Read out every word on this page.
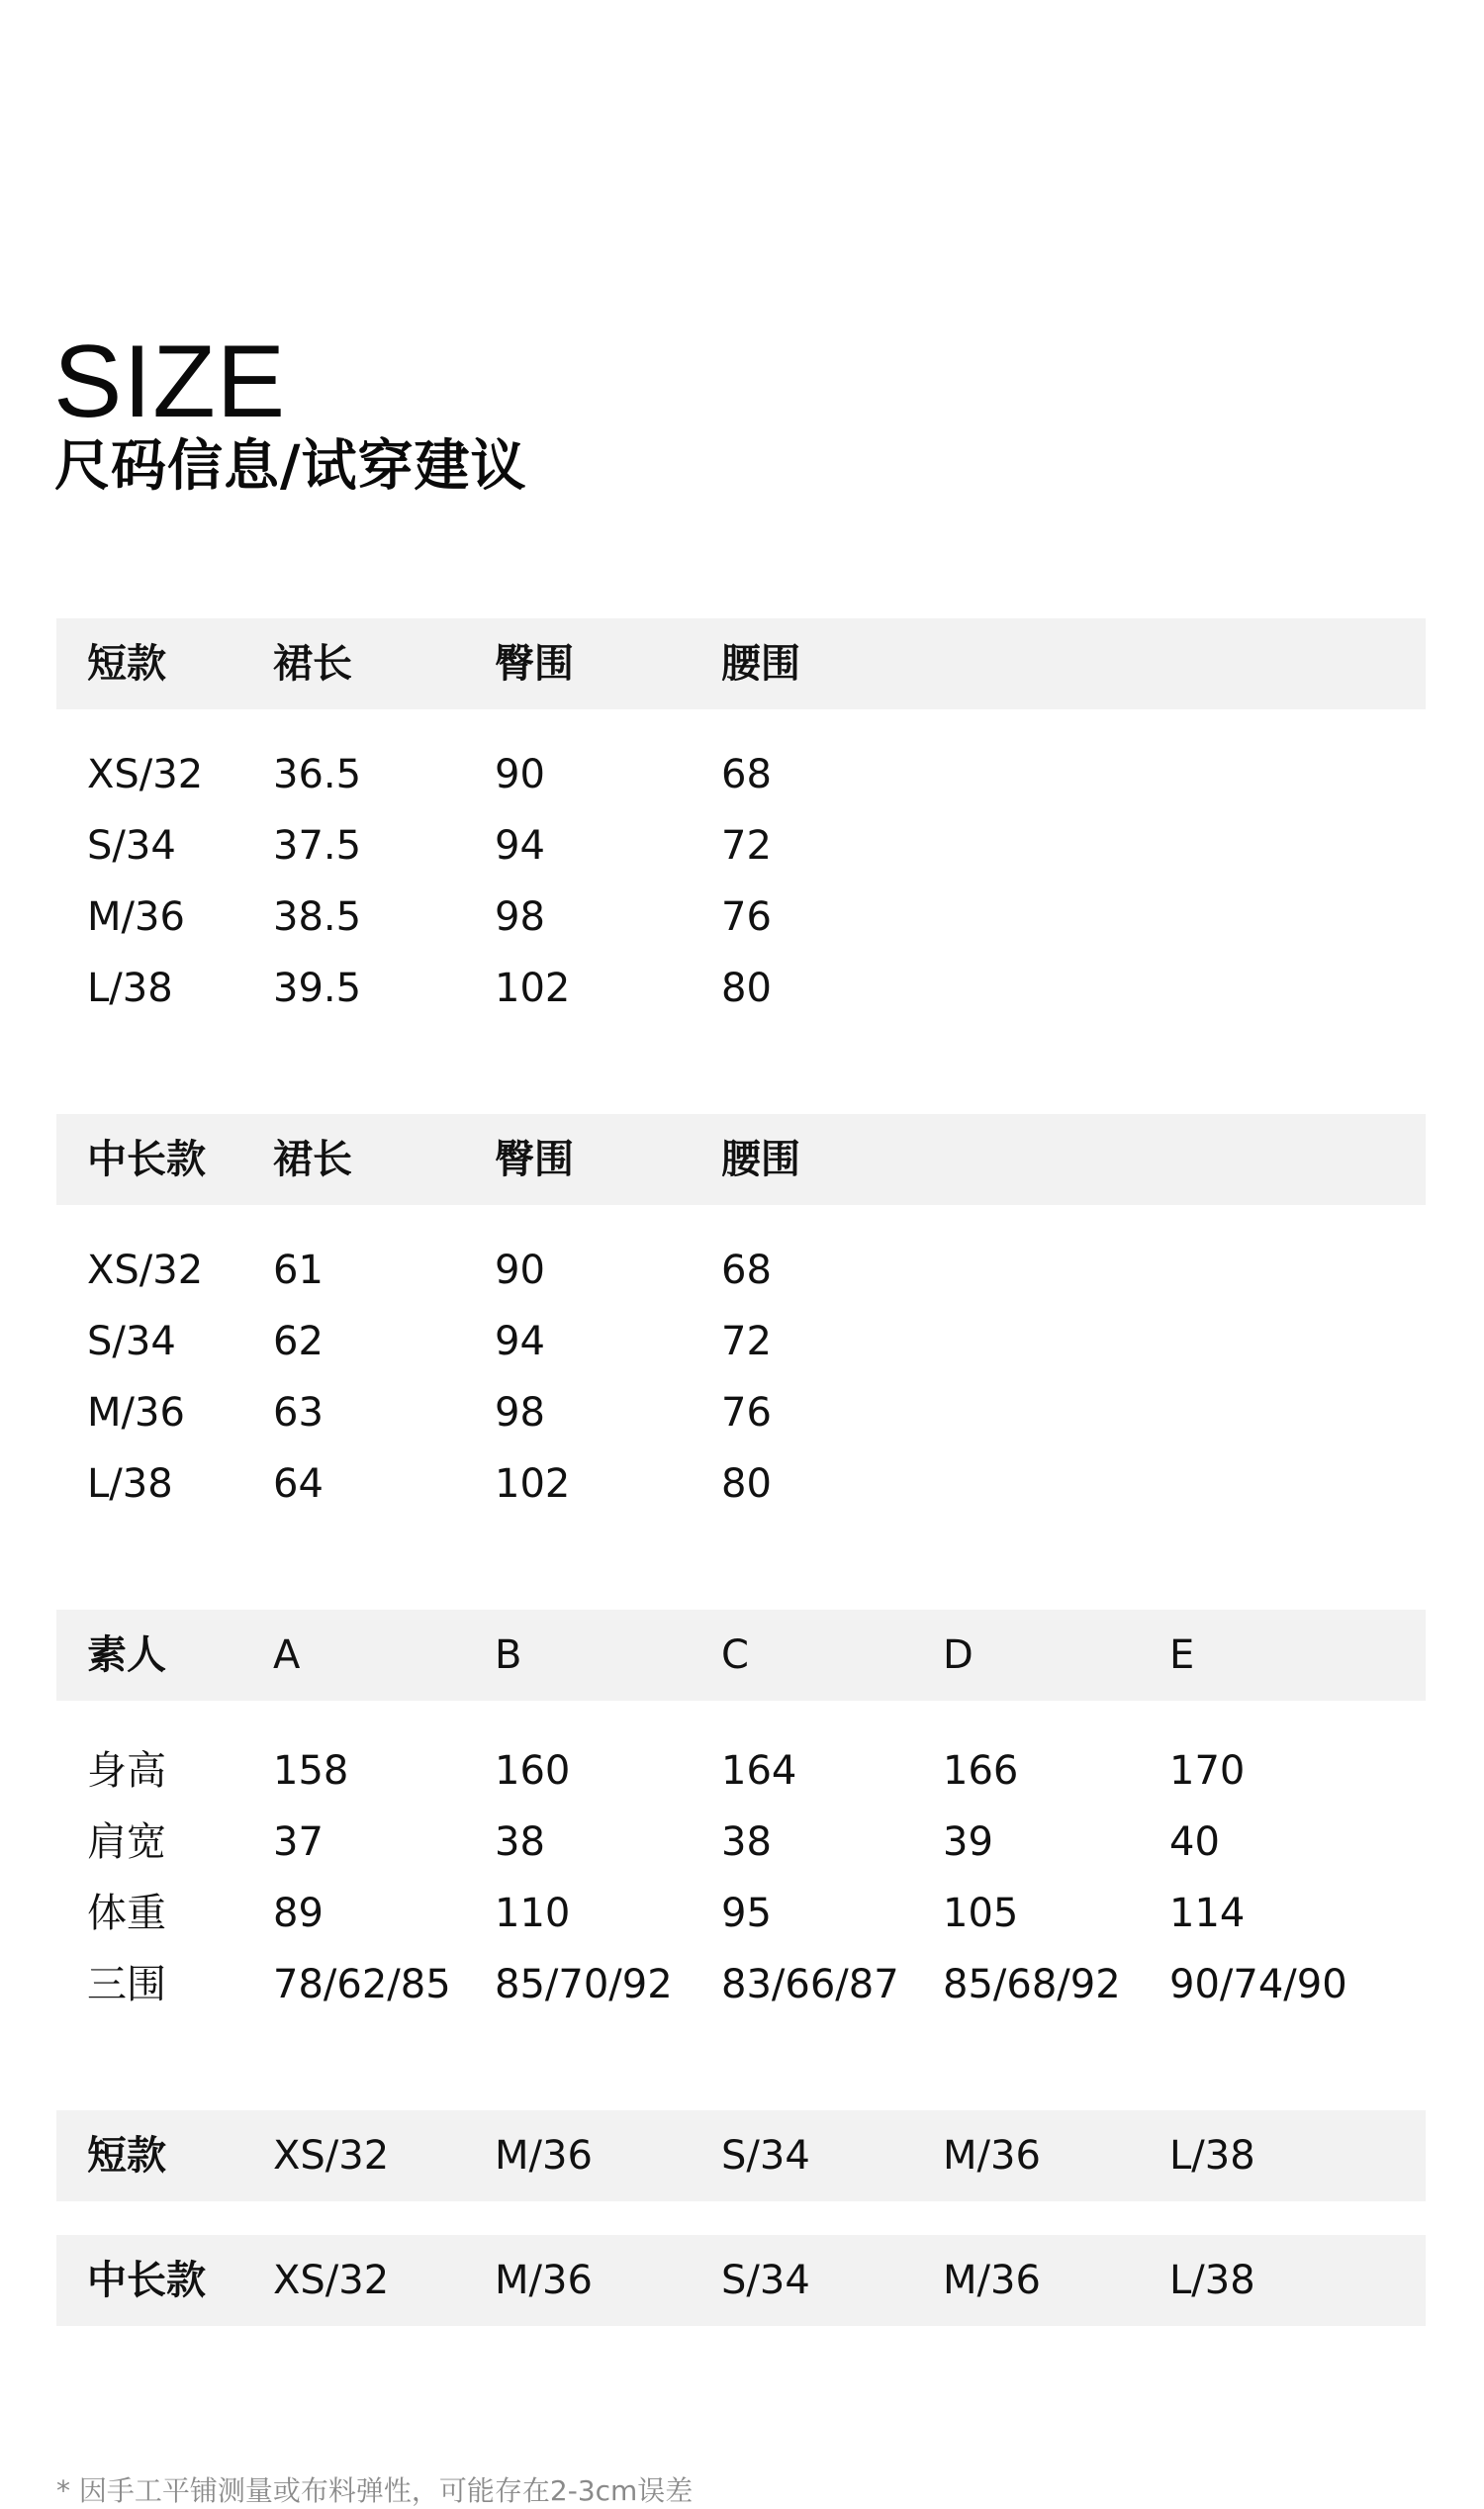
SIZE
尺码信息/试穿建议
短款	裙长	臀围	腰围
XS/32 36.5	90	68
S/34 37.5	94	72
M/36 38.5	98	76
L/38	39.5	102	80
中长款 裙长	臀围	腰围
XS/32 61	90	68
S/34 62	94	72
M/36 63	98	76
L/38	64	102	80
素人	A	B	C	D	E
身高	158	160	164	166	170
肩宽	37	38	38	39	40
体重	89	110	95	105	114
三围	78/62/85 85/70/92 83/66/87 85/68/92 90/74/90
短款	XS/32	M/36	S/34	M/36	L/38
中长款 XS/32	M/36	S/34	M/36	L/38

* 因手工平铺测量或布料弹性，可能存在2-3cm误差
